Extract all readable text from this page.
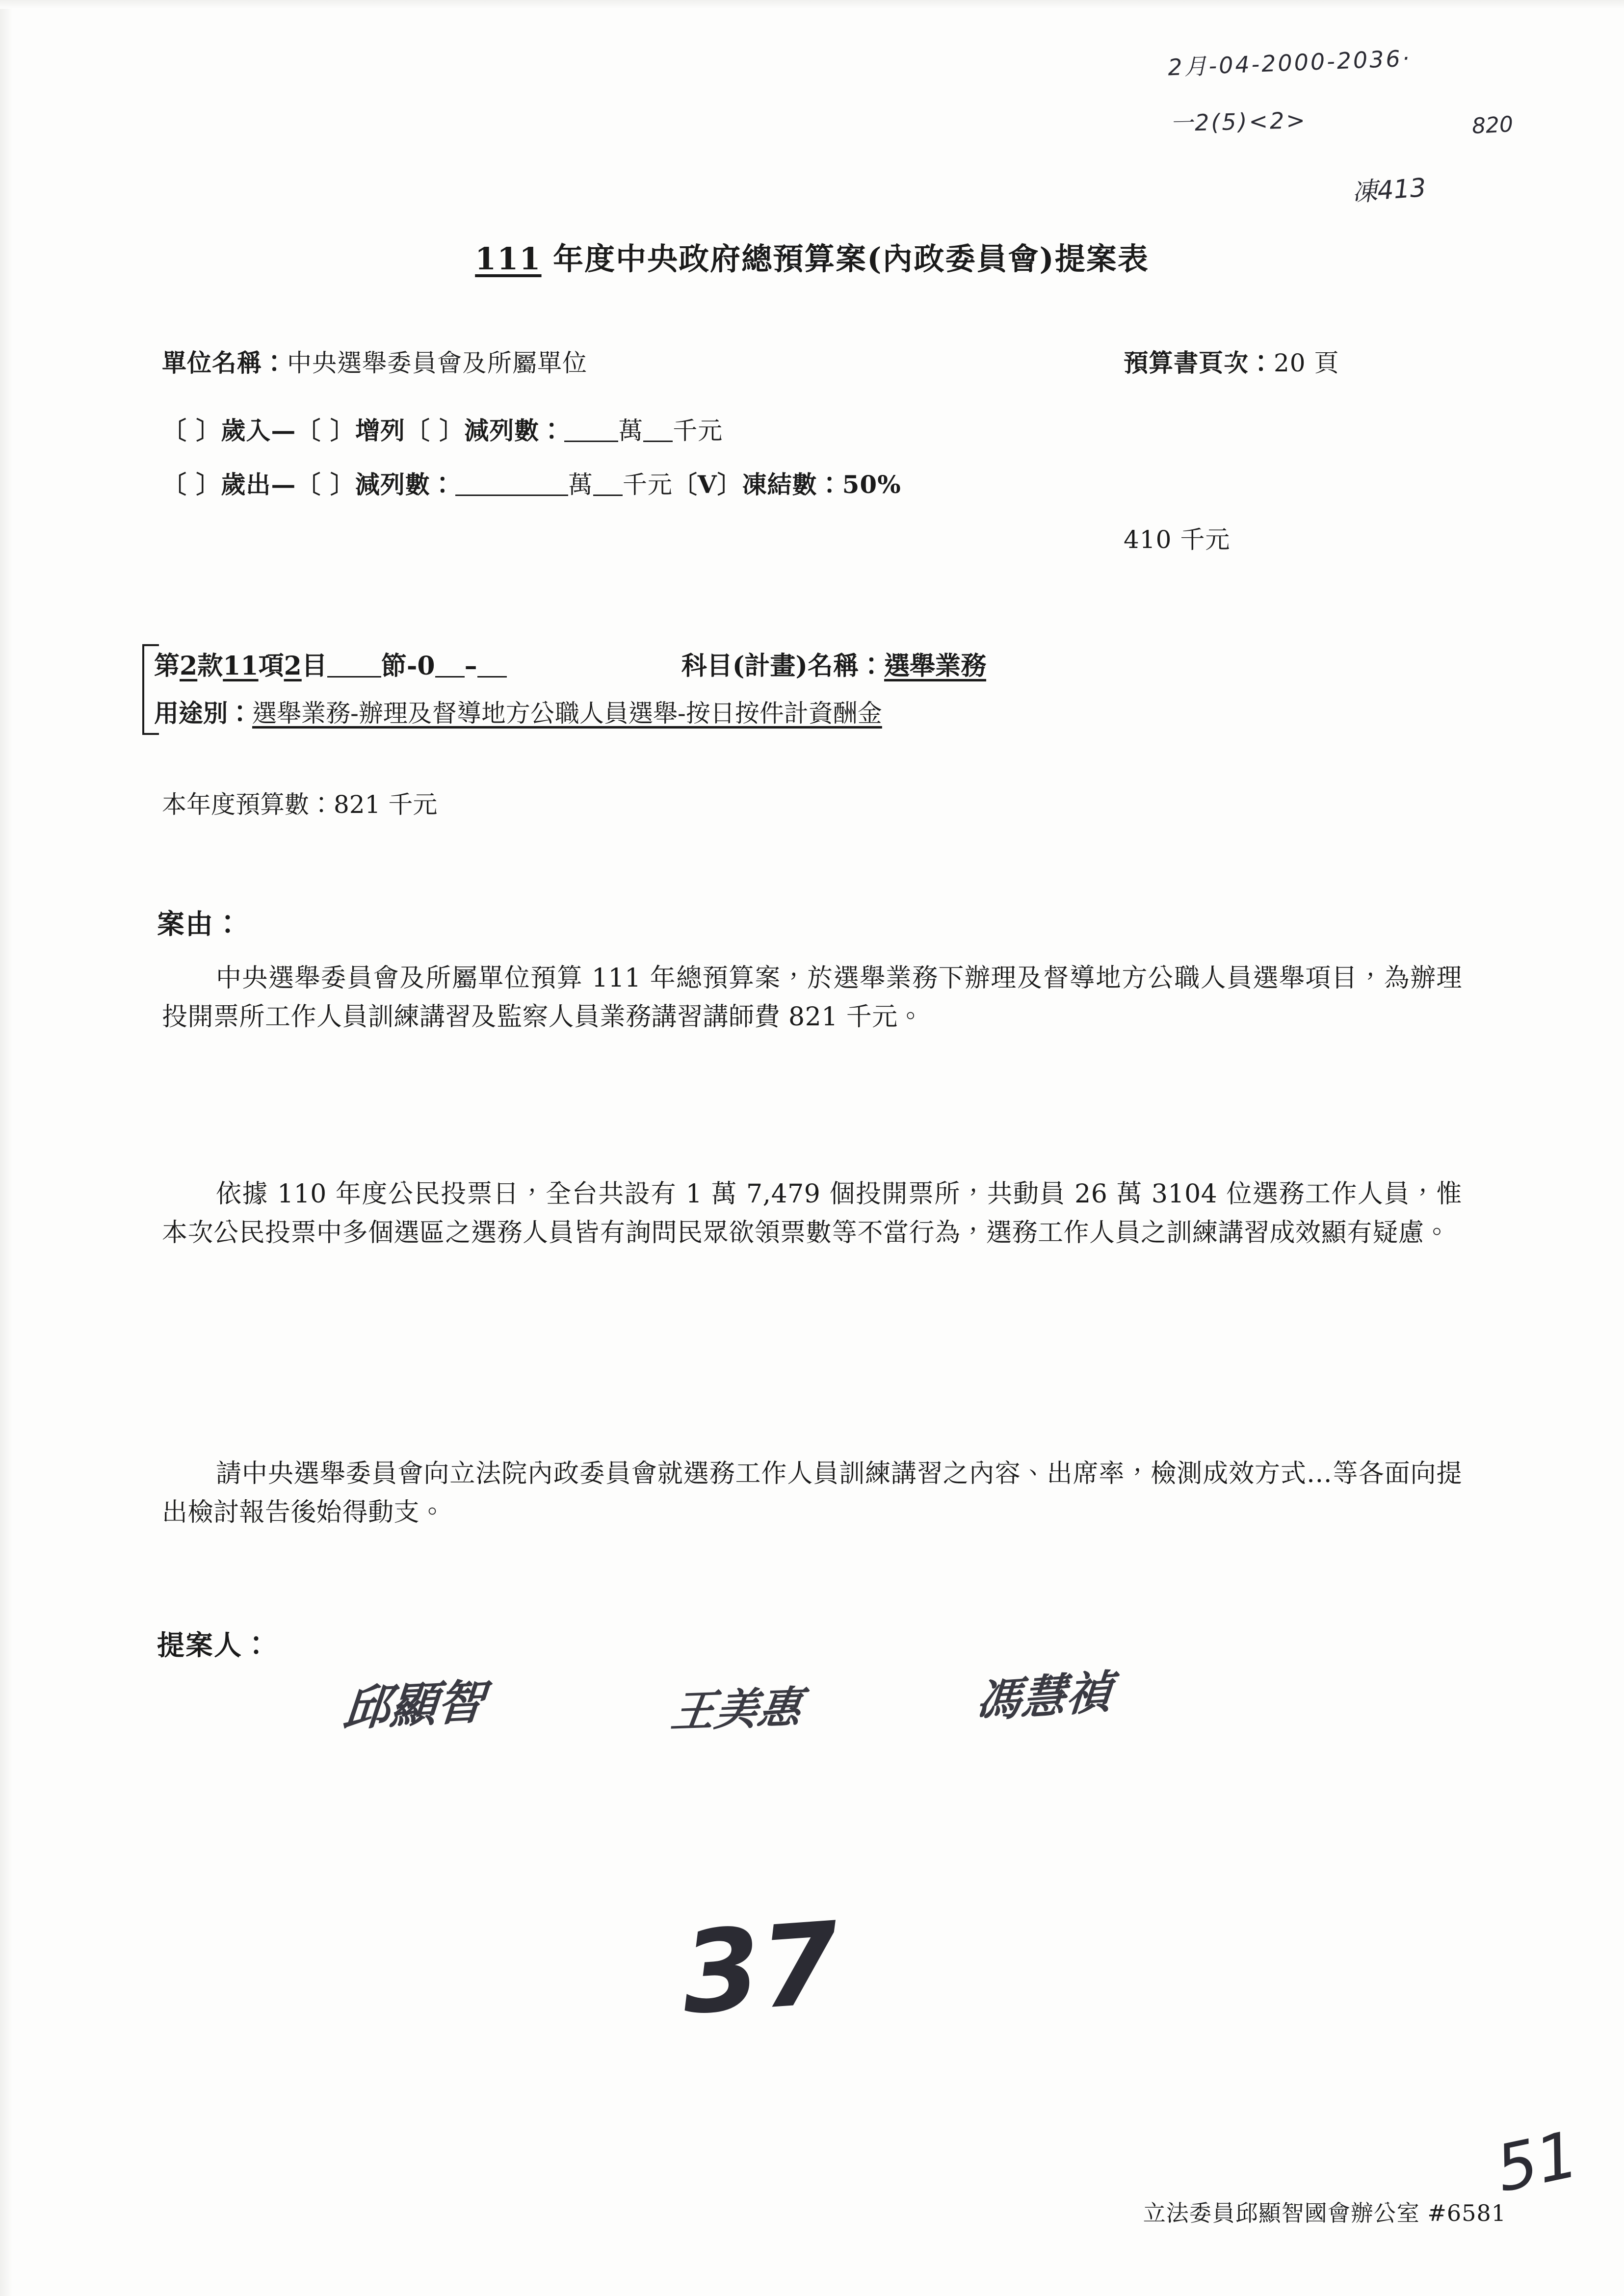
2月-04-2000-2036·
一2(5)<2>	820
凍413
111 年度中央政府總預算案(內政委員會)提案表
單位名稱：中央選舉委員會及所屬單位	預算書頁次：20 頁
〔 〕歲入—〔 〕增列〔 〕減列數： 萬 千元
〔 〕歲出—〔 〕減列數：	萬 千元〔V〕凍結數：50%
410 千元
第2款11項2目 節-0 –	科目(計畫)名稱：選舉業務
用途別：選舉業務-辦理及督導地方公職人員選舉-按日按件計資酬金
本年度預算數：821 千元
案由：
中央選舉委員會及所屬單位預算 111 年總預算案，於選舉業務下辦理及督導地方公職人員選舉項目，為辦理投開票所工作人員訓練講習及監察人員業務講習講師費 821 千元。
依據 110 年度公民投票日，全台共設有 1 萬 7,479 個投開票所，共動員 26 萬 3104 位選務工作人員，惟本次公民投票中多個選區之選務人員皆有詢問民眾欲領票數等不當行為，選務工作人員之訓練講習成效顯有疑慮。
請中央選舉委員會向立法院內政委員會就選務工作人員訓練講習之內容、出席率，檢測成效方式…等各面向提出檢討報告後始得動支。
提案人：
邱顯智	王美惠	馮慧禎
37
51
立法委員邱顯智國會辦公室 #6581
